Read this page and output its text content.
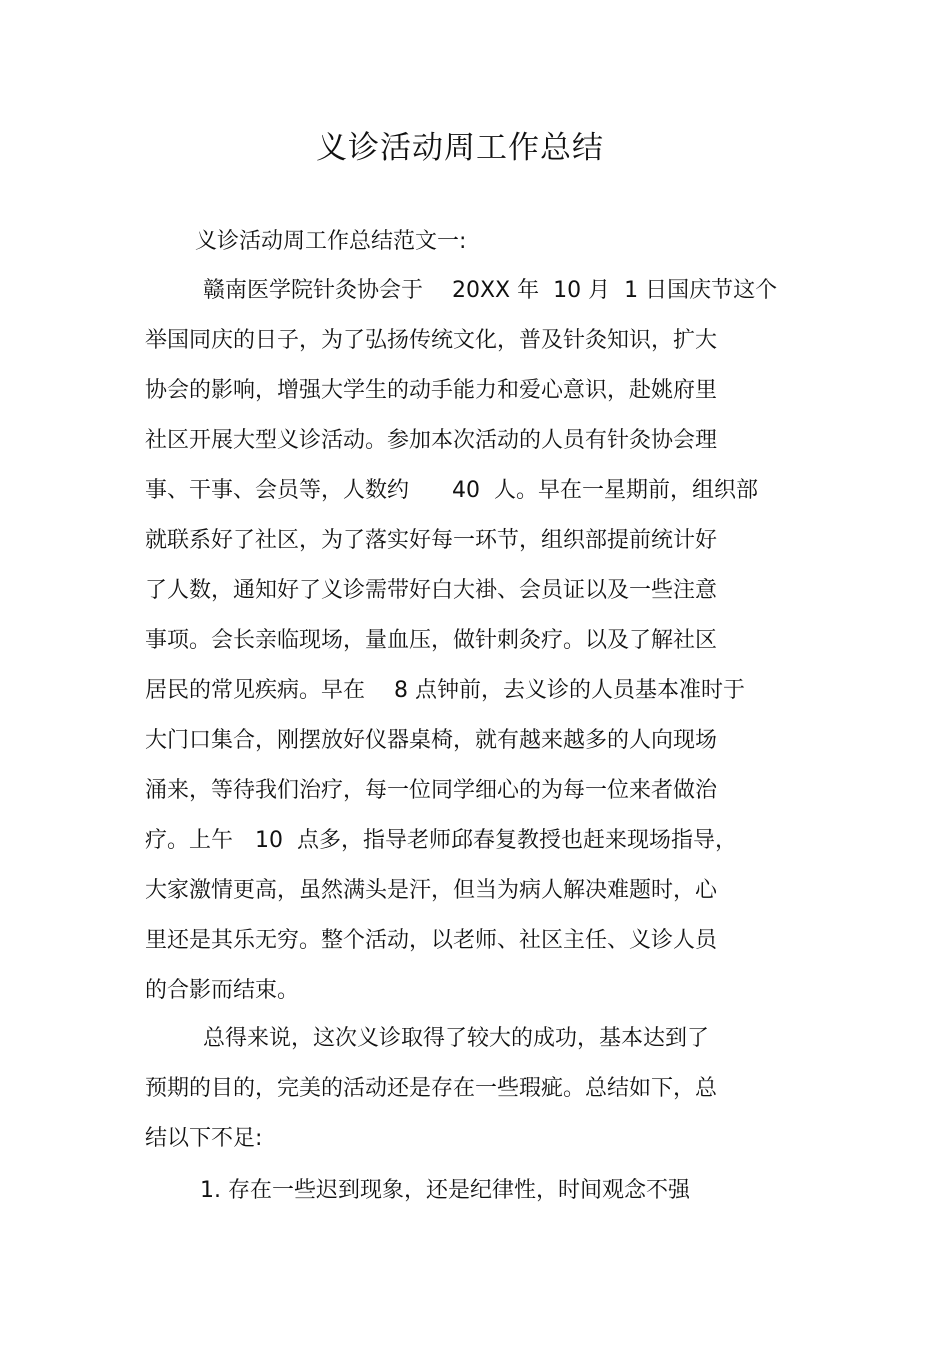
义诊活动周工作总结
义诊活动周工作总结范文一:
赣南医学院针灸协会于　 20XX 年  10 月  1 日国庆节这个
举国同庆的日子，为了弘扬传统文化，普及针灸知识，扩大
协会的影响，增强大学生的动手能力和爱心意识，赴姚府里
社区开展大型义诊活动。参加本次活动的人员有针灸协会理
事、干事、会员等，人数约　   40  人。早在一星期前，组织部
就联系好了社区，为了落实好每一环节，组织部提前统计好
了人数，通知好了义诊需带好白大褂、会员证以及一些注意
事项。会长亲临现场，量血压，做针刺灸疗。以及了解社区
居民的常见疾病。早在　 8 点钟前，去义诊的人员基本准时于
大门口集合，刚摆放好仪器桌椅，就有越来越多的人向现场
涌来，等待我们治疗，每一位同学细心的为每一位来者做治
疗。上午　10  点多，指导老师邱春复教授也赶来现场指导，
大家激情更高，虽然满头是汗，但当为病人解决难题时，心
里还是其乐无穷。整个活动，以老师、社区主任、义诊人员
的合影而结束。
总得来说，这次义诊取得了较大的成功，基本达到了
预期的目的，完美的活动还是存在一些瑕疵。总结如下，总
结以下不足:
1. 存在一些迟到现象，还是纪律性，时间观念不强
